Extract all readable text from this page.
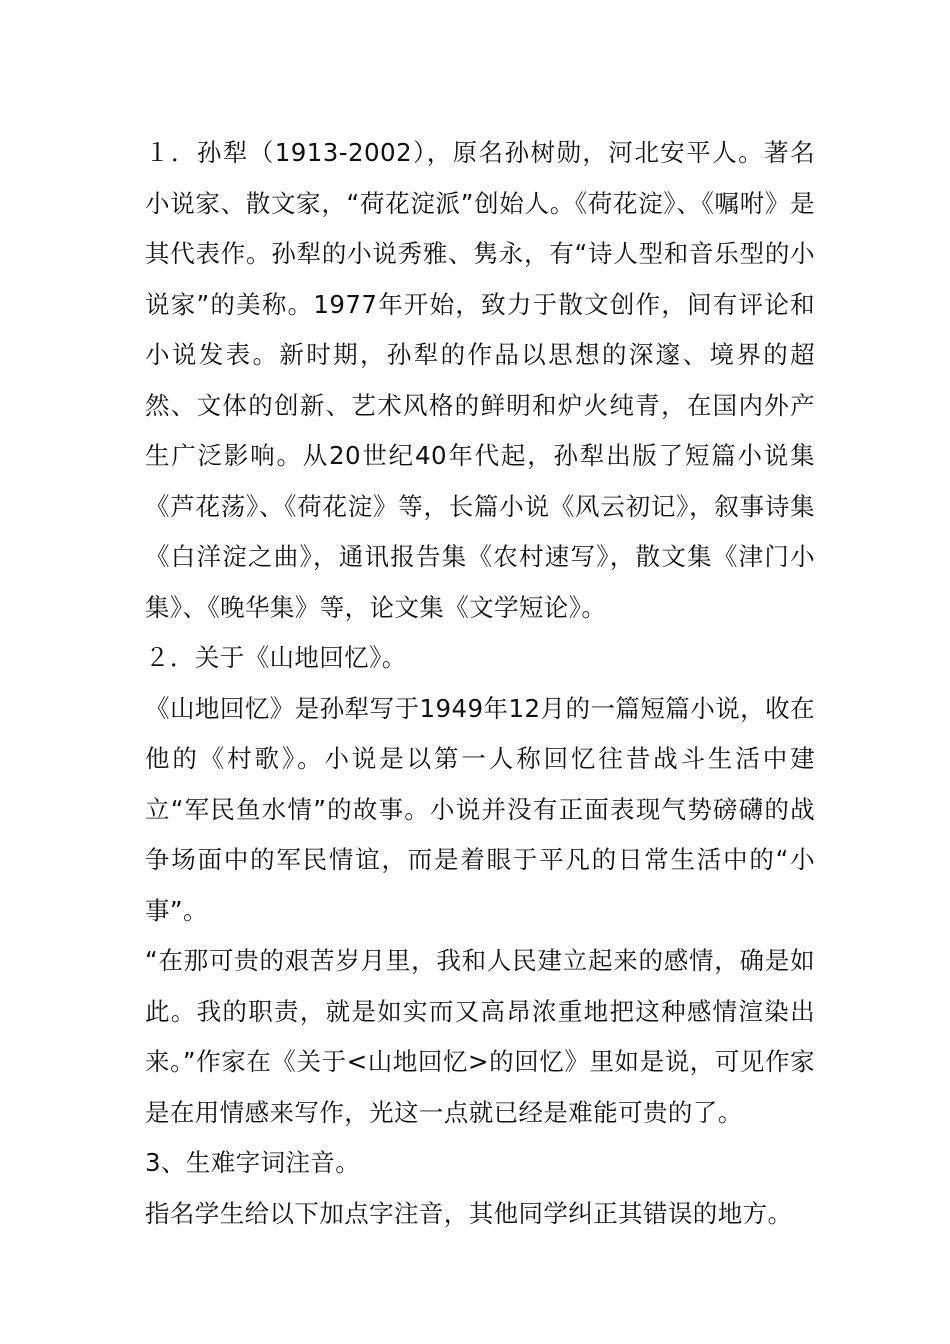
１．孙犁（1913-2002），原名孙树勋，河北安平人。著名小说家、散文家，“荷花淀派”创始人。《荷花淀》、《嘱咐》是其代表作。孙犁的小说秀雅、隽永，有“诗人型和音乐型的小说家”的美称。1977年开始，致力于散文创作，间有评论和小说发表。新时期，孙犁的作品以思想的深邃、境界的超然、文体的创新、艺术风格的鲜明和炉火纯青，在国内外产生广泛影响。从20世纪40年代起，孙犁出版了短篇小说集《芦花荡》、《荷花淀》等，长篇小说《风云初记》，叙事诗集《白洋淀之曲》，通讯报告集《农村速写》，散文集《津门小集》、《晚华集》等，论文集《文学短论》。

２．关于《山地回忆》。

《山地回忆》是孙犁写于1949年12月的一篇短篇小说，收在他的《村歌》。小说是以第一人称回忆往昔战斗生活中建立“军民鱼水情”的故事。小说并没有正面表现气势磅礴的战争场面中的军民情谊，而是着眼于平凡的日常生活中的“小事”。

“在那可贵的艰苦岁月里，我和人民建立起来的感情，确是如此。我的职责，就是如实而又高昂浓重地把这种感情渲染出来。”作家在《关于<山地回忆>的回忆》里如是说，可见作家是在用情感来写作，光这一点就已经是难能可贵的了。

3、生难字词注音。

指名学生给以下加点字注音，其他同学纠正其错误的地方。
